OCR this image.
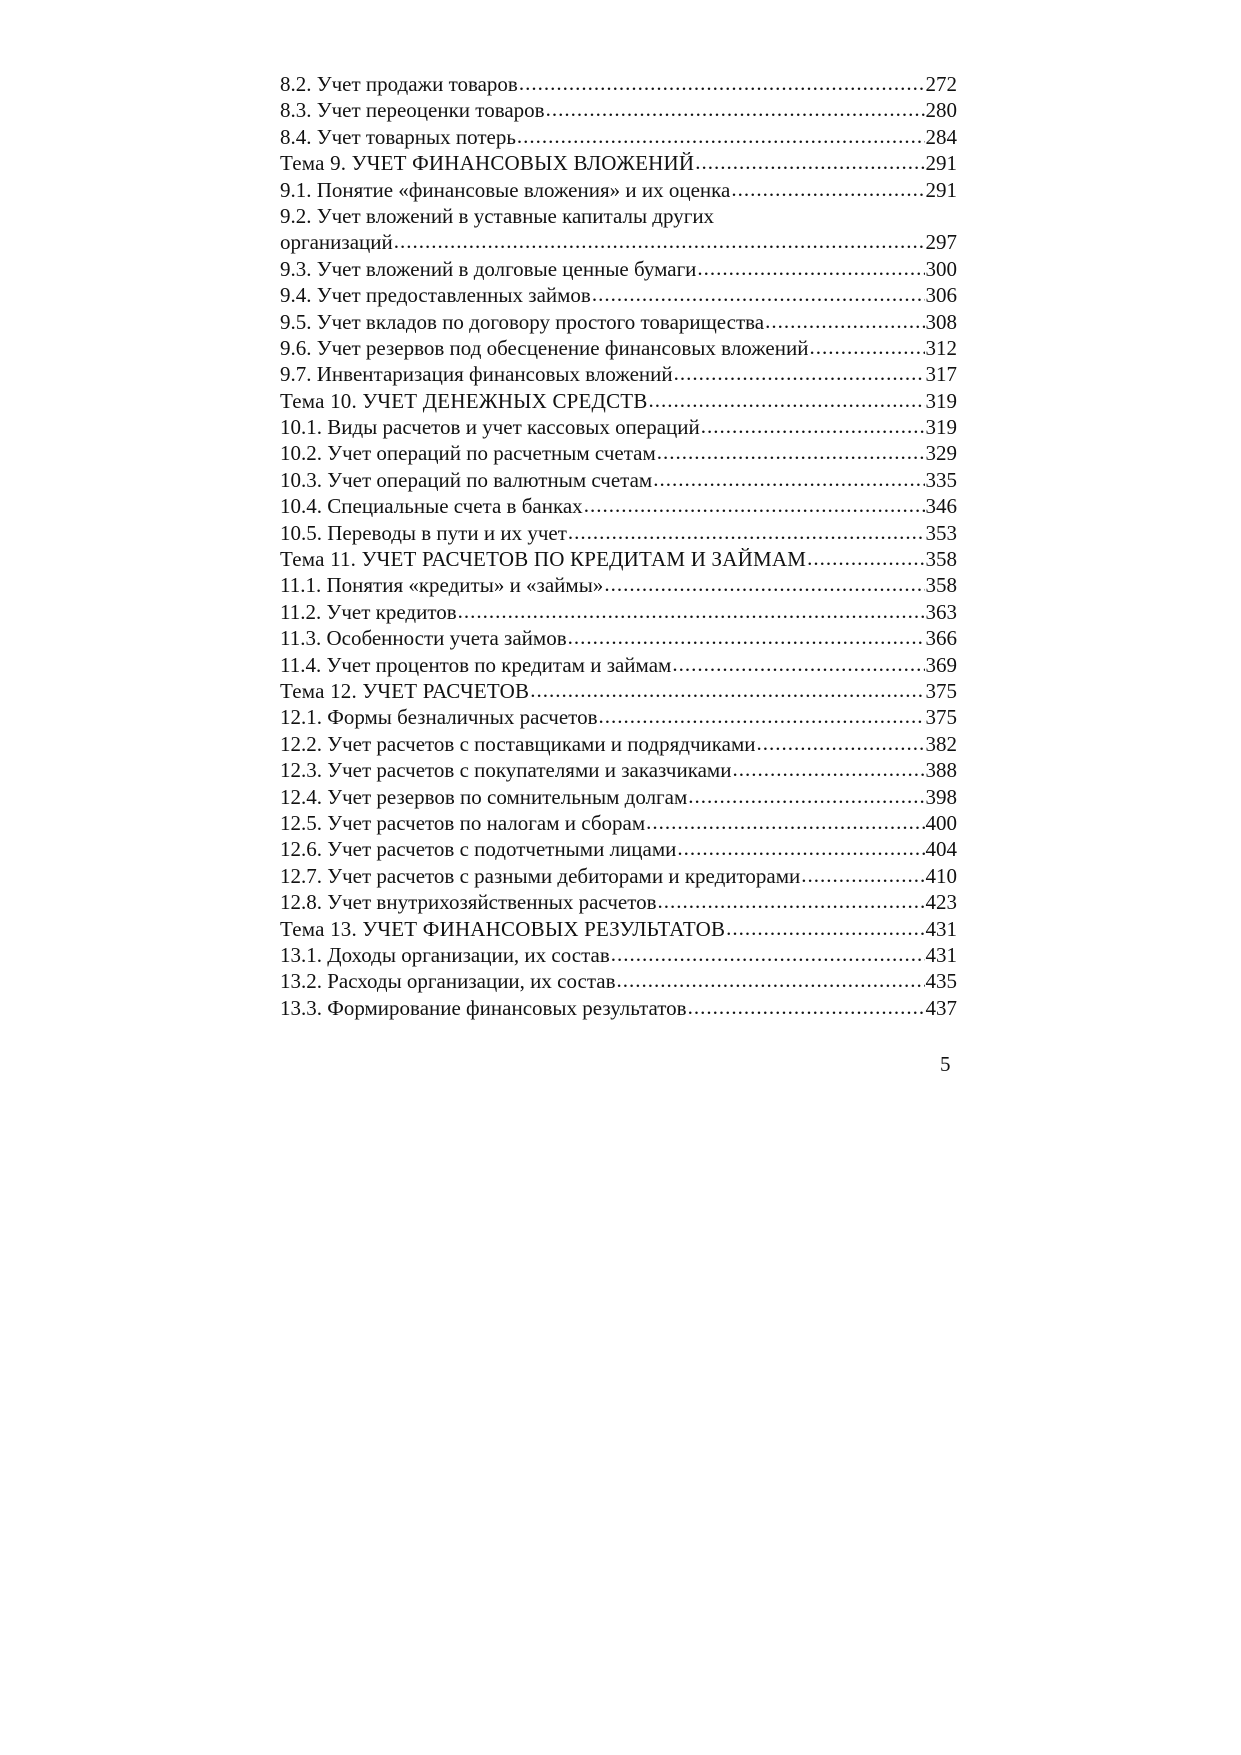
8.2. Учет продажи товаров .....	272
8.3. Учет переоценки товаров .....	280
8.4. Учет товарных потерь .....	284
Тема 9. УЧЕТ ФИНАНСОВЫХ ВЛОЖЕНИЙ .....	291
9.1. Понятие «финансовые вложения» и их оценка .....	291
9.2. Учет вложений в уставные капиталы других
организаций .....	297
9.3. Учет вложений в долговые ценные бумаги .....	300
9.4. Учет предоставленных займов .....	306
9.5. Учет вкладов по договору простого товарищества .....	308
9.6. Учет резервов под обесценение финансовых вложений .....	312
9.7. Инвентаризация финансовых вложений .....	317
Тема 10. УЧЕТ ДЕНЕЖНЫХ СРЕДСТВ .....	319
10.1. Виды расчетов и учет кассовых операций .....	319
10.2. Учет операций по расчетным счетам .....	329
10.3. Учет операций по валютным счетам .....	335
10.4. Специальные счета в банках .....	346
10.5. Переводы в пути и их учет .....	353
Тема 11. УЧЕТ РАСЧЕТОВ ПО КРЕДИТАМ И ЗАЙМАМ .....	358
11.1. Понятия «кредиты» и «займы» .....	358
11.2. Учет кредитов .....	363
11.3. Особенности учета займов .....	366
11.4. Учет процентов по кредитам и займам .....	369
Тема 12. УЧЕТ РАСЧЕТОВ .....	375
12.1. Формы безналичных расчетов .....	375
12.2. Учет расчетов с поставщиками и подрядчиками .....	382
12.3. Учет расчетов с покупателями и заказчиками .....	388
12.4. Учет резервов по сомнительным долгам .....	398
12.5. Учет расчетов по налогам и сборам .....	400
12.6. Учет расчетов с подотчетными лицами .....	404
12.7. Учет расчетов с разными дебиторами и кредиторами .....	410
12.8. Учет внутрихозяйственных расчетов .....	423
Тема 13. УЧЕТ ФИНАНСОВЫХ РЕЗУЛЬТАТОВ .....	431
13.1. Доходы организации, их состав .....	431
13.2. Расходы организации, их состав .....	435
13.3. Формирование финансовых результатов .....	437
5
